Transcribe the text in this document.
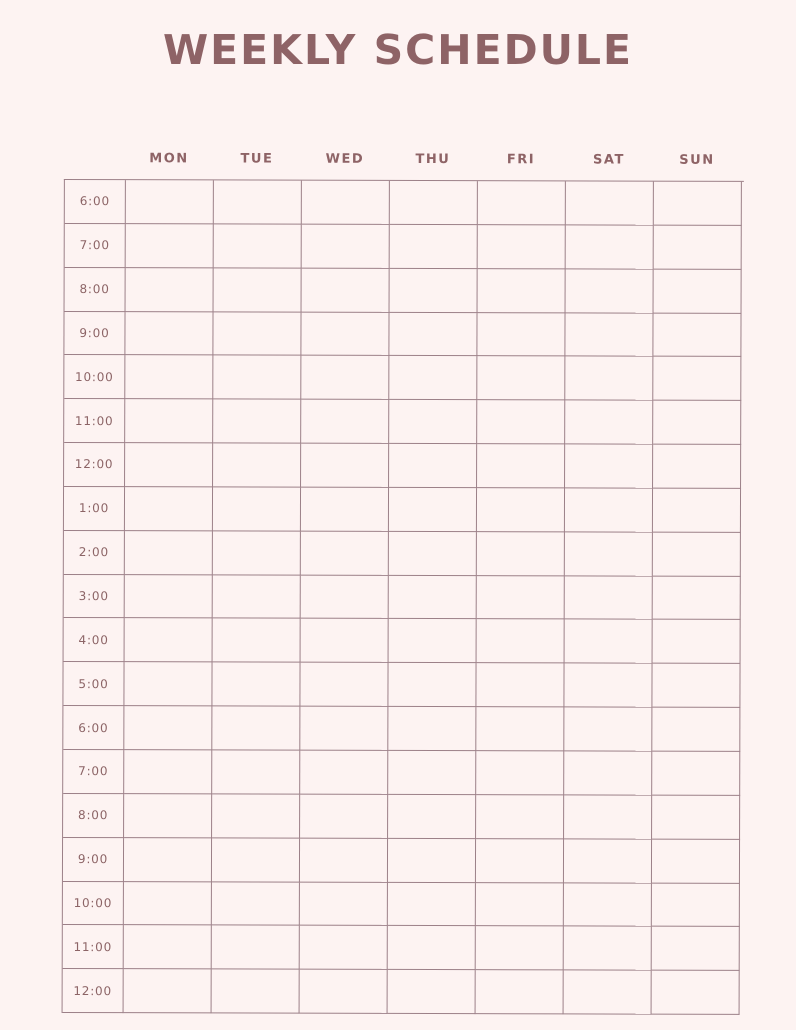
WEEKLY SCHEDULE
MON	TUE	WED	THU	FRI	SAT	SUN
6:00
7:00
8:00
9:00
10:00
11:00
12:00
1:00
2:00
3:00
4:00
5:00
6:00
7:00
8:00
9:00
10:00
11:00
12:00
